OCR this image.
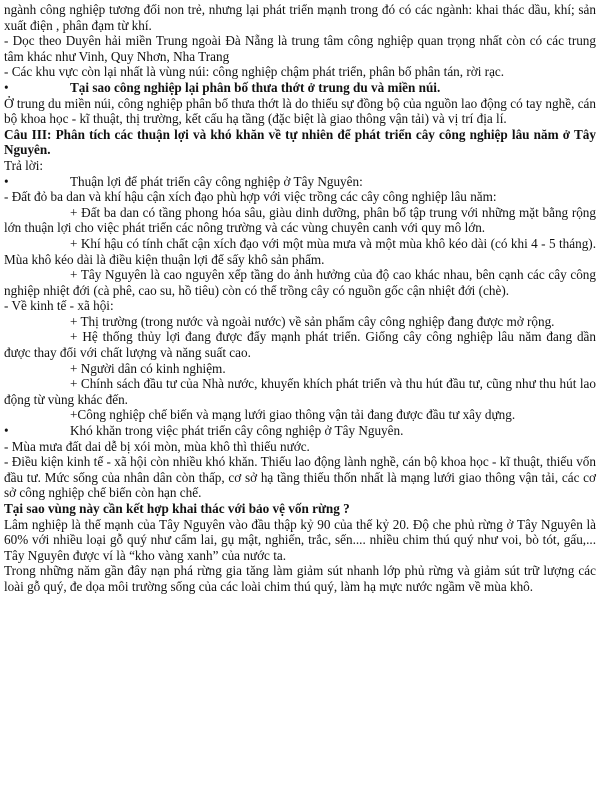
ngành công nghiệp tương đối non trẻ, nhưng lại phát triển mạnh trong đó có các ngành: khai thác dầu, khí; sản xuất điện , phân đạm từ khí.

- Dọc theo Duyên hải miền Trung ngoài Đà Nẵng là trung tâm công nghiệp quan trọng nhất còn có các trung tâm khác như Vinh, Quy Nhơn, Nha Trang

- Các khu vực còn lại nhất là vùng núi: công nghiệp chậm phát triển, phân bố phân tán, rời rạc.

•	Tại sao công nghiệp lại phân bố thưa thớt ở trung du và miền núi.

Ở trung du miền núi, công nghiệp phân bố thưa thớt là do thiếu sự đồng bộ của nguồn lao động có tay nghề, cán bộ khoa học - kĩ thuật, thị trường, kết cấu hạ tầng (đặc biệt là giao thông vận tải) và vị trí địa lí.

Câu III: Phân tích các thuận lợi và khó khăn về tự nhiên để phát triển cây công nghiệp lâu năm ở Tây Nguyên.

Trả lời:

•	Thuận lợi để phát triển cây công nghiệp ở Tây Nguyên:

- Đất đỏ ba dan và khí hậu cận xích đạo phù hợp với việc trồng các cây công nghiệp lâu năm:

+ Đất ba dan có tầng phong hóa sâu, giàu dinh dưỡng, phân bố tập trung với những mặt bằng rộng lớn thuận lợi cho việc phát triển các nông trường và các vùng chuyên canh với quy mô lớn.

+ Khí hậu có tính chất cận xích đạo với một mùa mưa và một mùa khô kéo dài (có khi 4 - 5 tháng). Mùa khô kéo dài là điều kiện thuận lợi để sấy khô sản phẩm.

+ Tây Nguyên là cao nguyên xếp tầng do ảnh hưởng của độ cao khác nhau, bên cạnh các cây công nghiệp nhiệt đới (cà phê, cao su, hồ tiêu) còn có thể trồng cây có nguồn gốc cận nhiệt đới (chè).

- Về kinh tế - xã hội:

+ Thị trường (trong nước và ngoài nước) về sản phẩm cây công nghiệp đang được mở rộng.

+ Hệ thống thủy lợi đang được đẩy mạnh phát triển. Giống cây công nghiệp lâu năm đang dần được thay đổi với chất lượng và năng suất cao.

+ Người dân có kinh nghiệm.

+ Chính sách đầu tư của Nhà nước, khuyến khích phát triển và thu hút đầu tư, cũng như thu hút lao động từ vùng khác đến.

+Công nghiệp chế biến và mạng lưới giao thông vận tải đang được đầu tư xây dựng.

•	Khó khăn trong việc phát triển cây công nghiệp ở Tây Nguyên.

- Mùa mưa đất dai dễ bị xói mòn, mùa khô thì thiếu nước.

- Điều kiện kinh tế - xã hội còn nhiều khó khăn. Thiếu lao động lành nghề, cán bộ khoa học - kĩ thuật, thiếu vốn đầu tư. Mức sống của nhân dân còn thấp, cơ sở hạ tầng thiếu thốn nhất là mạng lưới giao thông vận tải, các cơ sở công nghiệp chế biến còn hạn chế.

Tại sao vùng này cần kết hợp khai thác với bảo vệ vốn rừng ?

Lâm nghiệp là thế mạnh của Tây Nguyên vào đầu thập kỷ 90 của thế kỷ 20. Độ che phủ rừng ở Tây Nguyên là 60% với nhiều loại gỗ quý như cẩm lai, gụ mật, nghiến, trắc, sến.... nhiều chim thú quý như voi, bò tót, gấu,... Tây Nguyên được ví là “kho vàng xanh” của nước ta.

Trong những năm gần đây nạn phá rừng gia tăng làm giảm sút nhanh lớp phủ rừng và giảm sút trữ lượng các loài gỗ quý, đe dọa môi trường sống của các loài chim thú quý, làm hạ mực nước ngầm về mùa khô.
